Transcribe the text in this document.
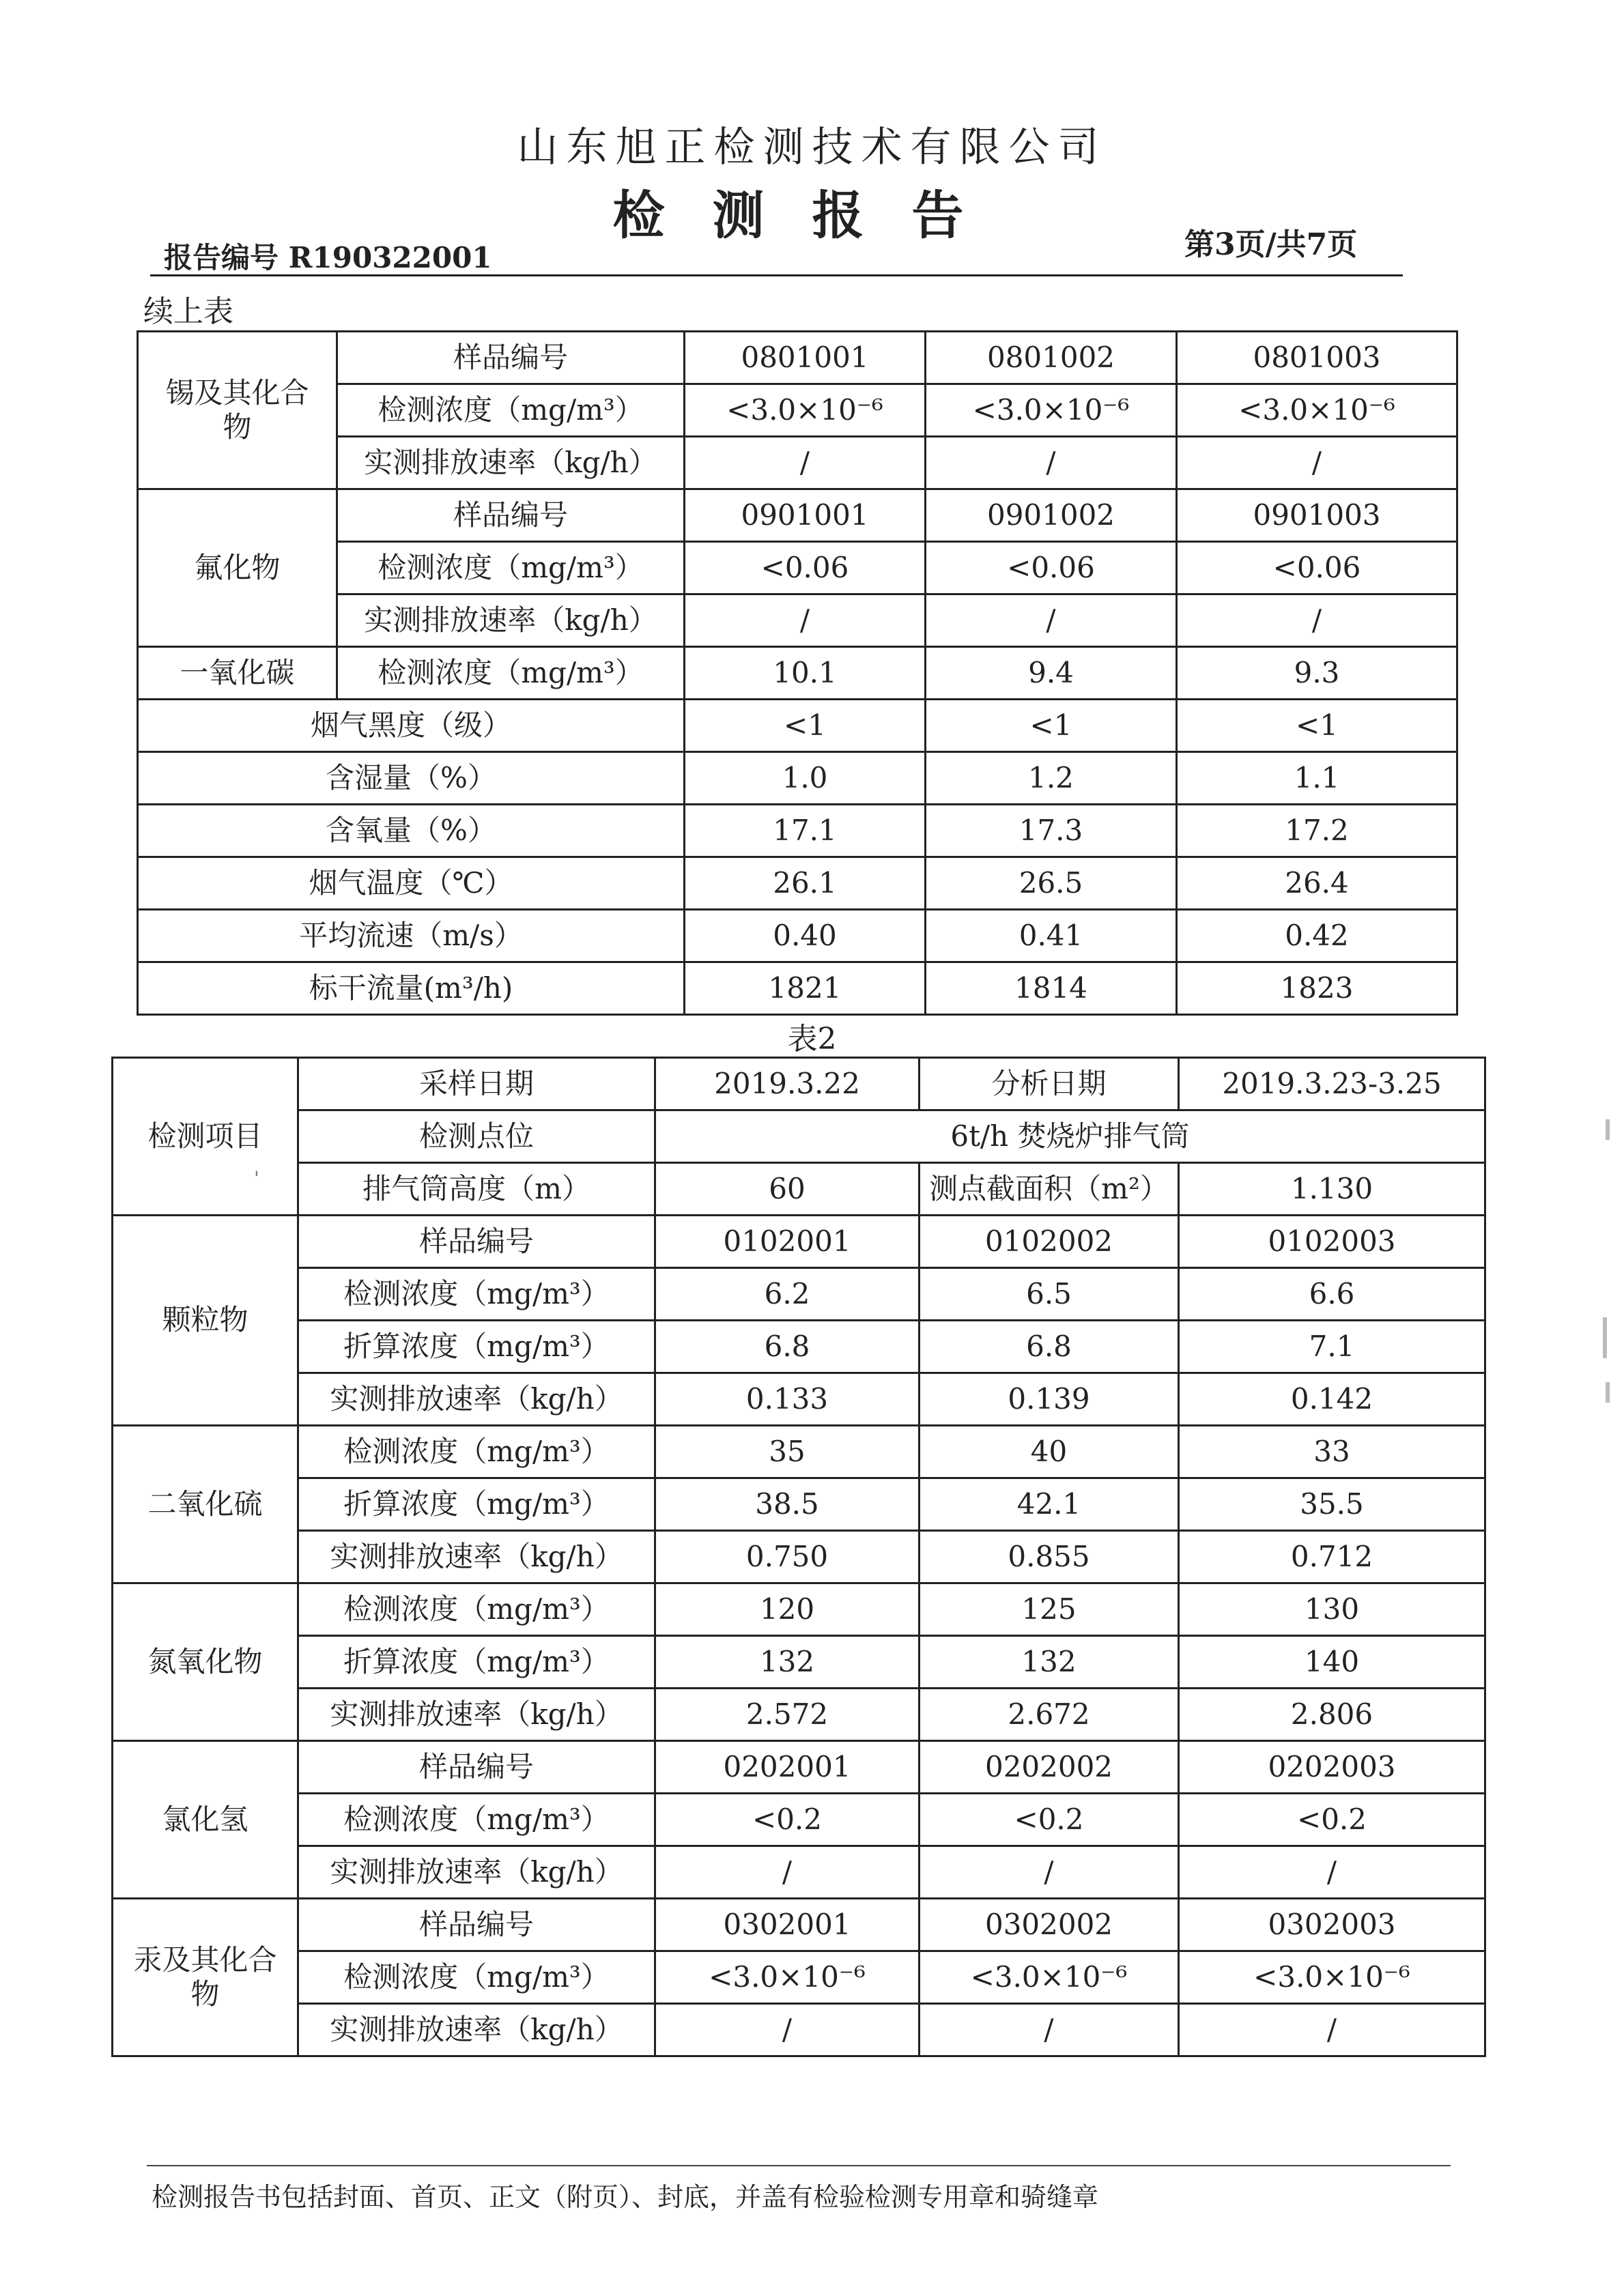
山东旭正检测技术有限公司
检测报告
报告编号 R190322001	第3页/共7页
续上表
锡及其化合物	样品编号	0801001	0801002	0801003
	检测浓度（mg/m³）	<3.0×10⁻⁶	<3.0×10⁻⁶	<3.0×10⁻⁶
	实测排放速率（kg/h）	/	/	/
氟化物	样品编号	0901001	0901002	0901003
	检测浓度（mg/m³）	<0.06	<0.06	<0.06
	实测排放速率（kg/h）	/	/	/
一氧化碳	检测浓度（mg/m³）	10.1	9.4	9.3
烟气黑度（级）		<1	<1	<1
含湿量（%）		1.0	1.2	1.1
含氧量（%）		17.1	17.3	17.2
烟气温度（℃）		26.1	26.5	26.4
平均流速（m/s）		0.40	0.41	0.42
标干流量(m³/h)		1821	1814	1823
表2
检测项目	采样日期	2019.3.22	分析日期	2019.3.23-3.25
	检测点位	6t/h 焚烧炉排气筒		
	排气筒高度（m）	60	测点截面积（m²）	1.130
颗粒物	样品编号	0102001	0102002	0102003
	检测浓度（mg/m³）	6.2	6.5	6.6
	折算浓度（mg/m³）	6.8	6.8	7.1
	实测排放速率（kg/h）	0.133	0.139	0.142
二氧化硫	检测浓度（mg/m³）	35	40	33
	折算浓度（mg/m³）	38.5	42.1	35.5
	实测排放速率（kg/h）	0.750	0.855	0.712
氮氧化物	检测浓度（mg/m³）	120	125	130
	折算浓度（mg/m³）	132	132	140
	实测排放速率（kg/h）	2.572	2.672	2.806
氯化氢	样品编号	0202001	0202002	0202003
	检测浓度（mg/m³）	<0.2	<0.2	<0.2
	实测排放速率（kg/h）	/	/	/
汞及其化合物	样品编号	0302001	0302002	0302003
	检测浓度（mg/m³）	<3.0×10⁻⁶	<3.0×10⁻⁶	<3.0×10⁻⁶
	实测排放速率（kg/h）	/	/	/
'
检测报告书包括封面、首页、正文（附页）、封底，并盖有检验检测专用章和骑缝章
